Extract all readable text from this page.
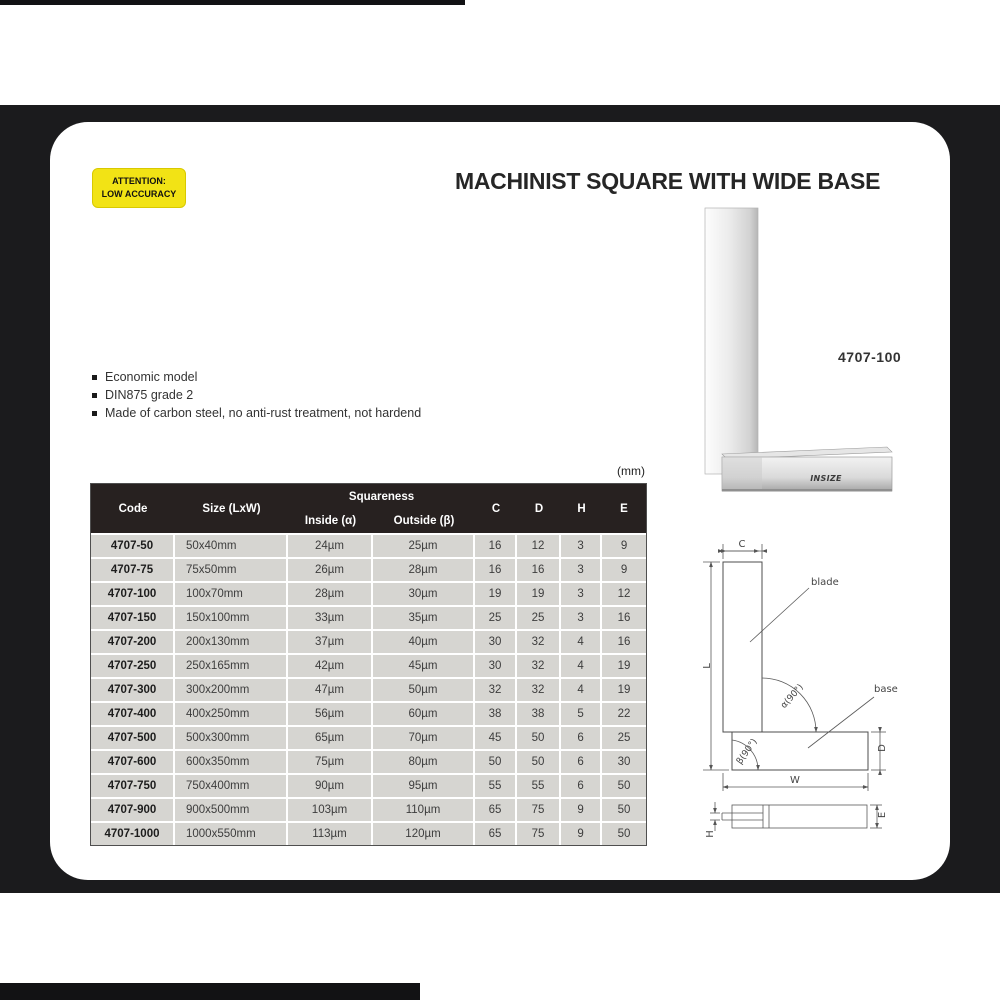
ATTENTION:
LOW ACCURACY	MACHINIST SQUARE WITH WIDE BASE
INSIZE
4707-100
Economic model
DIN875 grade 2
Made of carbon steel, no anti-rust treatment, not hardend
(mm)
Code	Size (LxW)	Squareness		C	D	H	E
		Inside (α)	Outside (β)				
4707-50	50x40mm	24µm	25µm	16	12	3	9
4707-75	75x50mm	26µm	28µm	16	16	3	9
4707-100	100x70mm	28µm	30µm	19	19	3	12
4707-150	150x100mm	33µm	35µm	25	25	3	16
4707-200	200x130mm	37µm	40µm	30	32	4	16
4707-250	250x165mm	42µm	45µm	30	32	4	19
4707-300	300x200mm	47µm	50µm	32	32	4	19
4707-400	400x250mm	56µm	60µm	38	38	5	22
4707-500	500x300mm	65µm	70µm	45	50	6	25
4707-600	600x350mm	75µm	80µm	50	50	6	30
4707-750	750x400mm	90µm	95µm	55	55	6	50
4707-900	900x500mm	103µm	110µm	65	75	9	50
4707-1000	1000x550mm	113µm	120µm	65	75	9	50
C
L
W
D
blade
base
α(90°)
β(90°)
H
E
